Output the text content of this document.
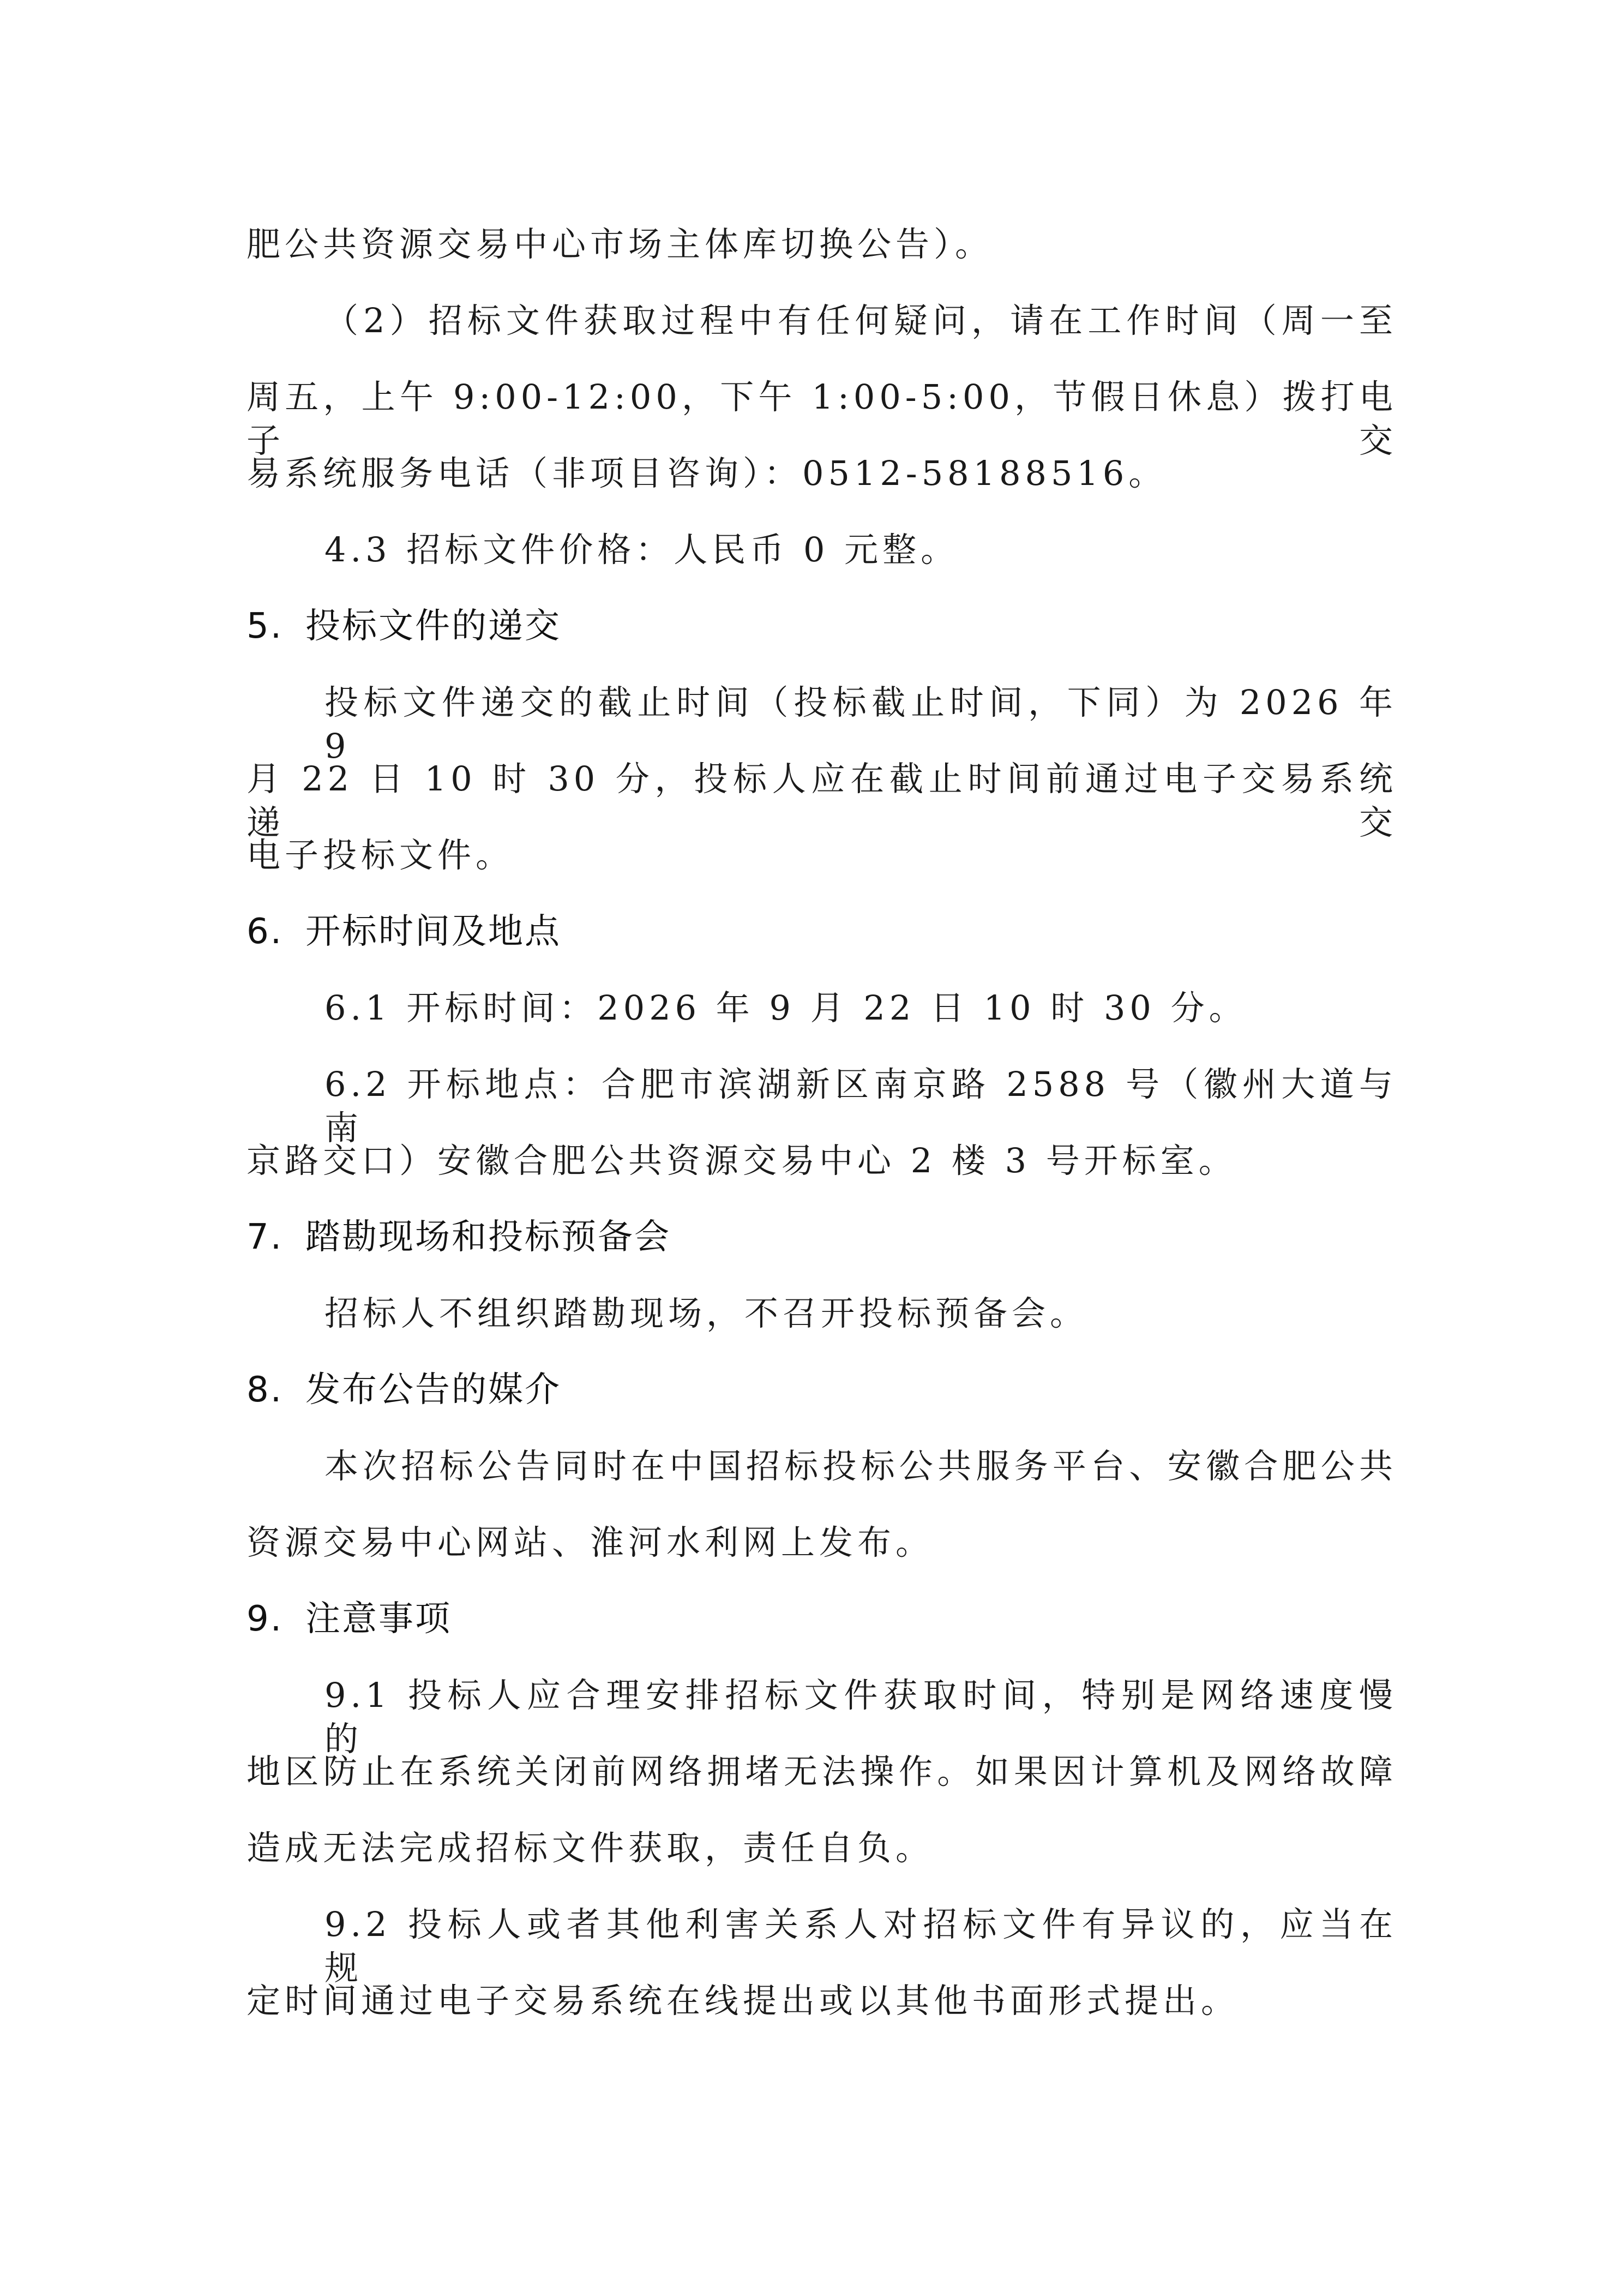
肥公共资源交易中心市场主体库切换公告）。
（2）招标文件获取过程中有任何疑问，请在工作时间（周一至
周五，上午 9:00-12:00，下午 1:00-5:00，节假日休息）拨打电子交
易系统服务电话（非项目咨询）：0512-58188516。
4.3 招标文件价格：人民币 0 元整。
5. 投标文件的递交
投标文件递交的截止时间（投标截止时间，下同）为 2026 年 9
月 22 日 10 时 30 分，投标人应在截止时间前通过电子交易系统递交
电子投标文件。
6. 开标时间及地点
6.1 开标时间：2026 年 9 月 22 日 10 时 30 分。
6.2 开标地点：合肥市滨湖新区南京路 2588 号（徽州大道与南
京路交口）安徽合肥公共资源交易中心 2 楼 3 号开标室。
7. 踏勘现场和投标预备会
招标人不组织踏勘现场，不召开投标预备会。
8. 发布公告的媒介
本次招标公告同时在中国招标投标公共服务平台、安徽合肥公共
资源交易中心网站、淮河水利网上发布。
9. 注意事项
9.1 投标人应合理安排招标文件获取时间，特别是网络速度慢的
地区防止在系统关闭前网络拥堵无法操作。如果因计算机及网络故障
造成无法完成招标文件获取，责任自负。
9.2 投标人或者其他利害关系人对招标文件有异议的，应当在规
定时间通过电子交易系统在线提出或以其他书面形式提出。
